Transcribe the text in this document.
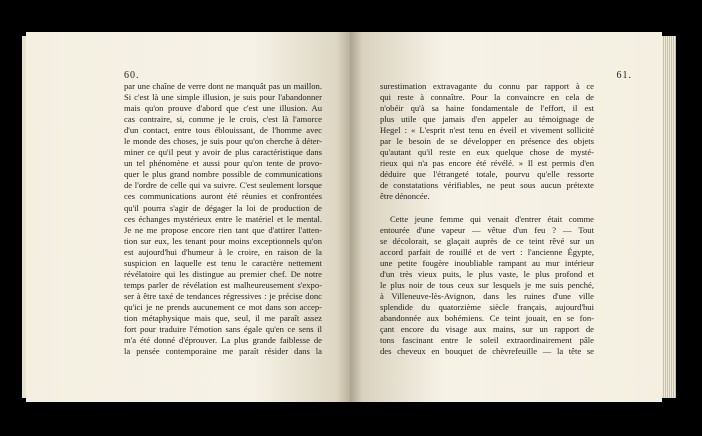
60.
par une chaîne de verre dont ne manquât pas un maillon.
Si c'est là une simple illusion, je suis pour l'abandonner
mais qu'on prouve d'abord que c'est une illusion. Au
cas contraire, si, comme je le crois, c'est là l'amorce
d'un contact, entre tous éblouissant, de l'homme avec
le monde des choses, je suis pour qu'on cherche à déter-
miner ce qu'il peut y avoir de plus caractéristique dans
un tel phénomène et aussi pour qu'on tente de provo-
quer le plus grand nombre possible de communications
de l'ordre de celle qui va suivre. C'est seulement lorsque
ces communications auront été réunies et confrontées
qu'il pourra s'agir de dégager la loi de production de
ces échanges mystérieux entre le matériel et le mental.
Je ne me propose encore rien tant que d'attirer l'atten-
tion sur eux, les tenant pour moins exceptionnels qu'on
est aujourd'hui d'humeur à le croire, en raison de la
suspicion en laquelle est tenu le caractère nettement
révélatoire qui les distingue au premier chef. De notre
temps parler de révélation est malheureusement s'expo-
ser à être taxé de tendances régressives : je précise donc
qu'ici je ne prends aucunement ce mot dans son accep-
tion métaphysique mais que, seul, il me paraît assez
fort pour traduire l'émotion sans égale qu'en ce sens il
m'a été donné d'éprouver. La plus grande faiblesse de
la pensée contemporaine me paraît résider dans la
61.
surestimation extravagante du connu par rapport à ce
qui reste à connaître. Pour la convaincre en cela de
n'obéir qu'à sa haine fondamentale de l'effort, il est
plus utile que jamais d'en appeler au témoignage de
Hegel : « L'esprit n'est tenu en éveil et vivement sollicité
par le besoin de se développer en présence des objets
qu'autant qu'il reste en eux quelque chose de mysté-
rieux qui n'a pas encore été révélé. » Il est permis d'en
déduire que l'étrangeté totale, pourvu qu'elle ressorte
de constatations vérifiables, ne peut sous aucun prétexte
être dénoncée.
Cette jeune femme qui venait d'entrer était comme
entourée d'une vapeur — vêtue d'un feu ? — Tout
se décolorait, se glaçait auprès de ce teint rêvé sur un
accord parfait de rouillé et de vert : l'ancienne Égypte,
une petite fougère inoubliable rampant au mur intérieur
d'un très vieux puits, le plus vaste, le plus profond et
le plus noir de tous ceux sur lesquels je me suis penché,
à Villeneuve-lès-Avignon, dans les ruines d'une ville
splendide du quatorzième siècle français, aujourd'hui
abandonnée aux bohémiens. Ce teint jouait, en se fon-
çant encore du visage aux mains, sur un rapport de
tons fascinant entre le soleil extraordinairement pâle
des cheveux en bouquet de chèvrefeuille — la tête se
